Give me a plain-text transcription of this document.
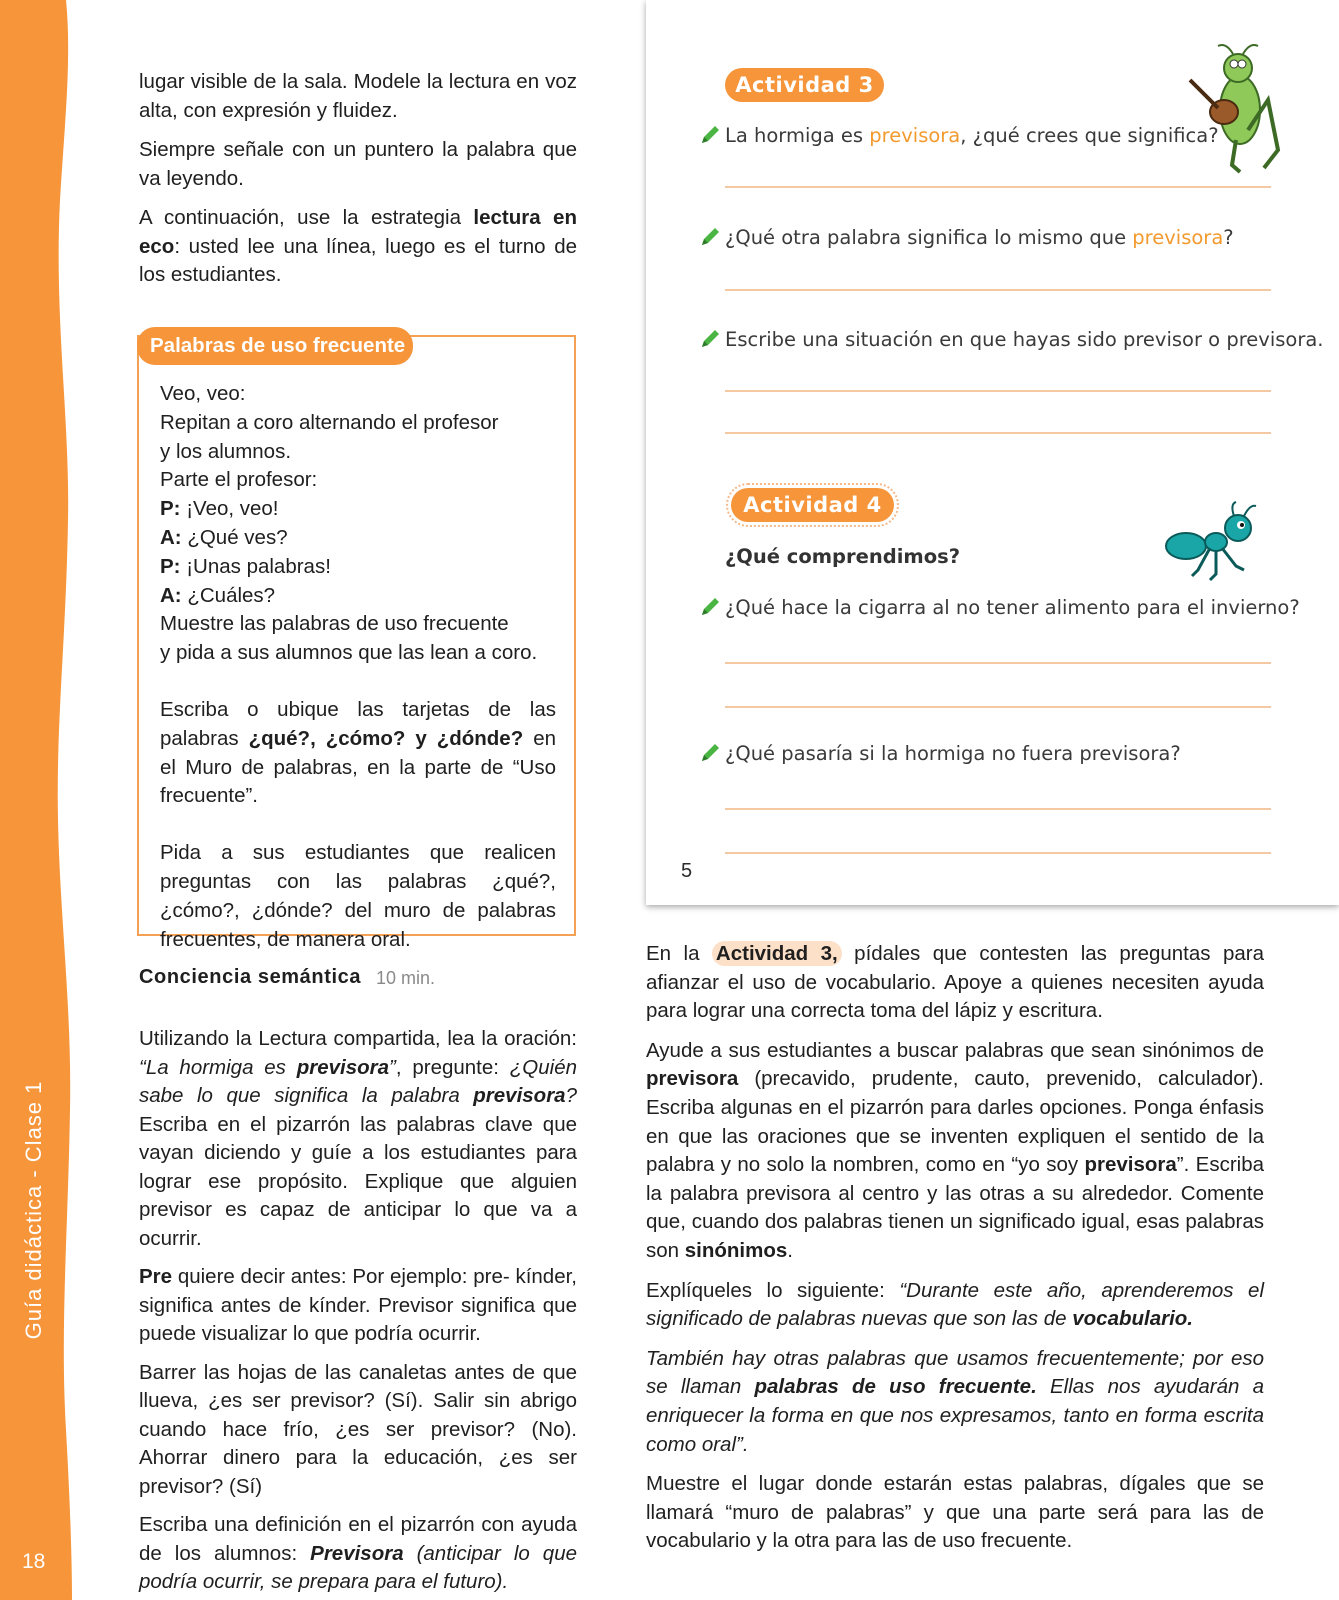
Guía didáctica - Clase 1
18

lugar visible de la sala. Modele la lectura en voz alta, con expresión y fluidez.

Siempre señale con un puntero la palabra que va leyendo.

A continuación, use la estrategia lectura en eco: usted lee una línea, luego es el turno de los estudiantes.

Palabras de uso frecuente
Veo, veo:
Repitan a coro alternando el profesor
y los alumnos.
Parte el profesor:
P: ¡Veo, veo!
A: ¿Qué ves?
P: ¡Unas palabras!
A: ¿Cuáles?
Muestre las palabras de uso frecuente
y pida a sus alumnos que las lean a coro.

Escriba o ubique las tarjetas de las palabras ¿qué?, ¿cómo? y ¿dónde? en el Muro de palabras, en la parte de “Uso frecuente”.

Pida a sus estudiantes que realicen preguntas con las palabras ¿qué?, ¿cómo?, ¿dónde? del muro de palabras frecuentes, de manera oral.

Conciencia semántica 10 min.

Utilizando la Lectura compartida, lea la oración: “La hormiga es previsora”, pregunte: ¿Quién sabe lo que significa la palabra previsora? Escriba en el pizarrón las palabras clave que vayan diciendo y guíe a los estudiantes para lograr ese propósito. Explique que alguien previsor es capaz de anticipar lo que va a ocurrir.

Pre quiere decir antes: Por ejemplo: pre- kínder, significa antes de kínder. Previsor significa que puede visualizar lo que podría ocurrir.

Barrer las hojas de las canaletas antes de que llueva, ¿es ser previsor? (Sí). Salir sin abrigo cuando hace frío, ¿es ser previsor? (No). Ahorrar dinero para la educación, ¿es ser previsor? (Sí)

Escriba una definición en el pizarrón con ayuda de los alumnos: Previsora (anticipar lo que podría ocurrir, se prepara para el futuro).

Actividad 3
La hormiga es previsora, ¿qué crees que significa?
¿Qué otra palabra significa lo mismo que previsora?
Escribe una situación en que hayas sido previsor o previsora.
Actividad 4
¿Qué comprendimos?
¿Qué hace la cigarra al no tener alimento para el invierno?
¿Qué pasaría si la hormiga no fuera previsora?
5

En la Actividad 3, pídales que contesten las preguntas para afianzar el uso de vocabulario. Apoye a quienes necesiten ayuda para lograr una correcta toma del lápiz y escritura.

Ayude a sus estudiantes a buscar palabras que sean sinónimos de previsora (precavido, prudente, cauto, prevenido, calculador). Escriba algunas en el pizarrón para darles opciones. Ponga énfasis en que las oraciones que se inventen expliquen el sentido de la palabra y no solo la nombren, como en “yo soy previsora”. Escriba la palabra previsora al centro y las otras a su alrededor. Comente que, cuando dos palabras tienen un significado igual, esas palabras son sinónimos.

Explíqueles lo siguiente: “Durante este año, aprenderemos el significado de palabras nuevas que son las de vocabulario.

También hay otras palabras que usamos frecuentemente; por eso se llaman palabras de uso frecuente. Ellas nos ayudarán a enriquecer la forma en que nos expresamos, tanto en forma escrita como oral”.

Muestre el lugar donde estarán estas palabras, dígales que se llamará “muro de palabras” y que una parte será para las de vocabulario y la otra para las de uso frecuente.
